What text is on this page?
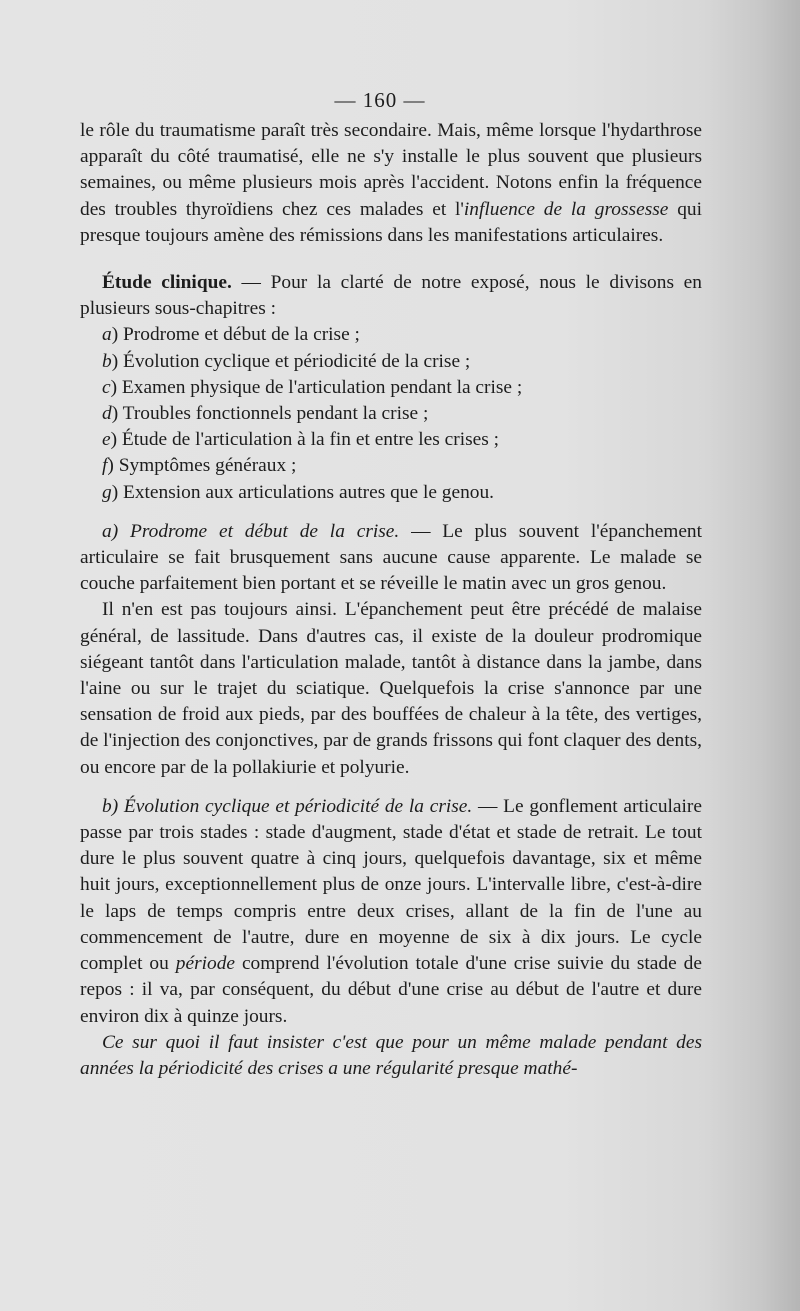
— 160 —

le rôle du traumatisme paraît très secondaire. Mais, même lorsque l'hydarthrose apparaît du côté traumatisé, elle ne s'y installe le plus souvent que plusieurs semaines, ou même plusieurs mois après l'accident. Notons enfin la fréquence des troubles thyroïdiens chez ces malades et l'influence de la grossesse qui presque toujours amène des rémissions dans les manifestations articulaires.

Étude clinique. — Pour la clarté de notre exposé, nous le divisons en plusieurs sous-chapitres :

a) Prodrome et début de la crise ;
b) Évolution cyclique et périodicité de la crise ;
c) Examen physique de l'articulation pendant la crise ;
d) Troubles fonctionnels pendant la crise ;
e) Étude de l'articulation à la fin et entre les crises ;
f) Symptômes généraux ;
g) Extension aux articulations autres que le genou.

a) Prodrome et début de la crise. — Le plus souvent l'épanchement articulaire se fait brusquement sans aucune cause apparente. Le malade se couche parfaitement bien portant et se réveille le matin avec un gros genou.

Il n'en est pas toujours ainsi. L'épanchement peut être précédé de malaise général, de lassitude. Dans d'autres cas, il existe de la douleur prodromique siégeant tantôt dans l'articulation malade, tantôt à distance dans la jambe, dans l'aine ou sur le trajet du sciatique. Quelquefois la crise s'annonce par une sensation de froid aux pieds, par des bouffées de chaleur à la tête, des vertiges, de l'injection des conjonctives, par de grands frissons qui font claquer des dents, ou encore par de la pollakiurie et polyurie.

b) Évolution cyclique et périodicité de la crise. — Le gonflement articulaire passe par trois stades : stade d'augment, stade d'état et stade de retrait. Le tout dure le plus souvent quatre à cinq jours, quelquefois davantage, six et même huit jours, exceptionnellement plus de onze jours. L'intervalle libre, c'est-à-dire le laps de temps compris entre deux crises, allant de la fin de l'une au commencement de l'autre, dure en moyenne de six à dix jours. Le cycle complet ou période comprend l'évolution totale d'une crise suivie du stade de repos : il va, par conséquent, du début d'une crise au début de l'autre et dure environ dix à quinze jours.

Ce sur quoi il faut insister c'est que pour un même malade pendant des années la périodicité des crises a une régularité presque mathé-
